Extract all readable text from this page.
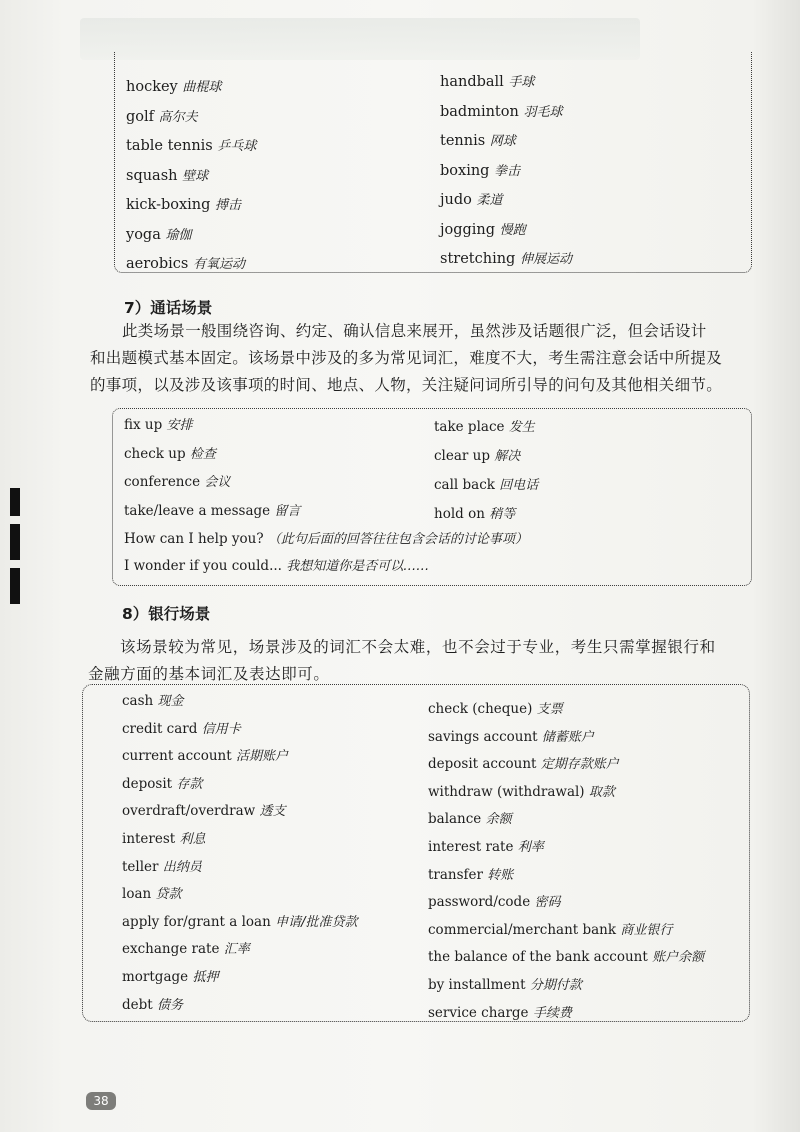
7）通话场景
此类场景一般围绕咨询、约定、确认信息来展开，虽然涉及话题很广泛，但会话设计
和出题模式基本固定。该场景中涉及的多为常见词汇，难度不大，考生需注意会话中所提及
的事项，以及涉及该事项的时间、地点、人物，关注疑问词所引导的问句及其他相关细节。
8）银行场景
该场景较为常见，场景涉及的词汇不会太难，也不会过于专业，考生只需掌握银行和
金融方面的基本词汇及表达即可。
38
hockey 曲棍球
golf 高尔夫
table tennis 乒乓球
squash 壁球
kick-boxing 搏击
yoga 瑜伽
aerobics 有氧运动
handball 手球
badminton 羽毛球
tennis 网球
boxing 拳击
judo 柔道
jogging 慢跑
stretching 伸展运动
fix up 安排
check up 检查
conference 会议
take/leave a message 留言
take place 发生
clear up 解决
call back 回电话
hold on 稍等
How can I help you? （此句后面的回答往往包含会话的讨论事项）
I wonder if you could... 我想知道你是否可以……
cash 现金
credit card 信用卡
current account 活期账户
deposit 存款
overdraft/overdraw 透支
interest 利息
teller 出纳员
loan 贷款
apply for/grant a loan 申请/批准贷款
exchange rate 汇率
mortgage 抵押
debt 债务
check (cheque) 支票
savings account 储蓄账户
deposit account 定期存款账户
withdraw (withdrawal) 取款
balance 余额
interest rate 利率
transfer 转账
password/code 密码
commercial/merchant bank 商业银行
the balance of the bank account 账户余额
by installment 分期付款
service charge 手续费
